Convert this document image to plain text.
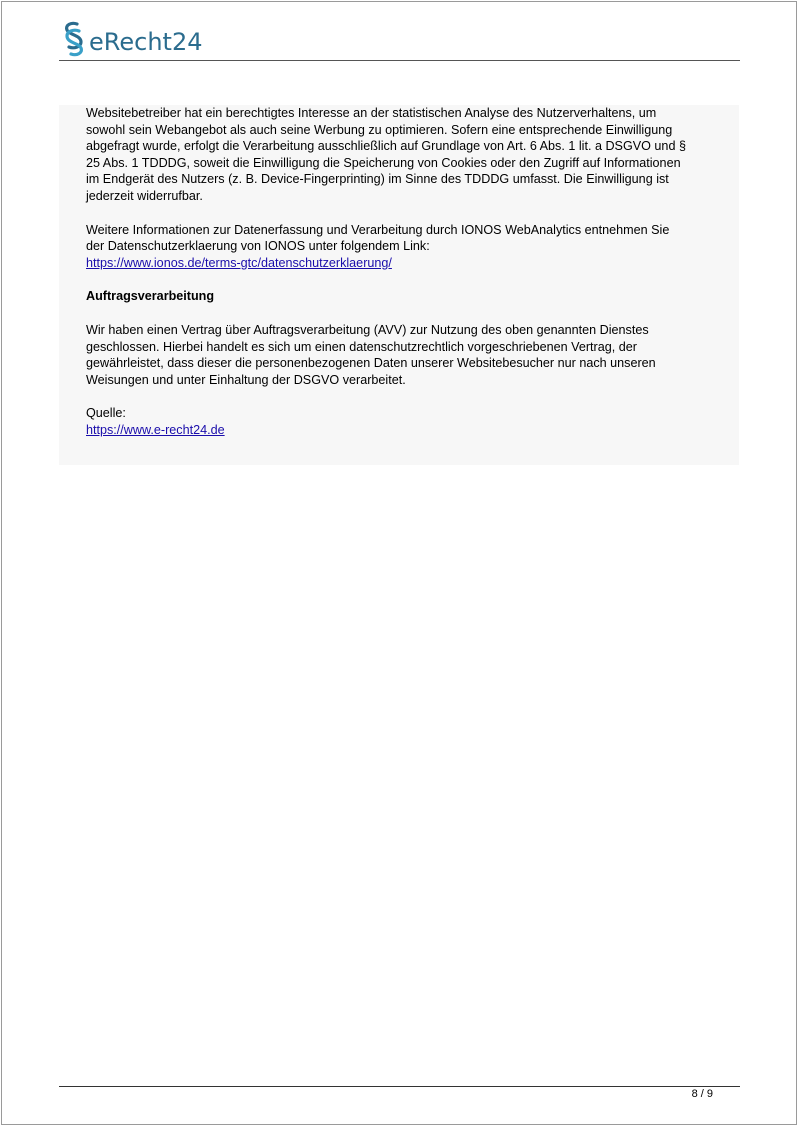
eRecht24

Websitebetreiber hat ein berechtigtes Interesse an der statistischen Analyse des Nutzerverhaltens, um
sowohl sein Webangebot als auch seine Werbung zu optimieren. Sofern eine entsprechende Einwilligung
abgefragt wurde, erfolgt die Verarbeitung ausschließlich auf Grundlage von Art. 6 Abs. 1 lit. a DSGVO und §
25 Abs. 1 TDDDG, soweit die Einwilligung die Speicherung von Cookies oder den Zugriff auf Informationen
im Endgerät des Nutzers (z. B. Device-Fingerprinting) im Sinne des TDDDG umfasst. Die Einwilligung ist
jederzeit widerrufbar.

Weitere Informationen zur Datenerfassung und Verarbeitung durch IONOS WebAnalytics entnehmen Sie
der Datenschutzerklaerung von IONOS unter folgendem Link:
https://www.ionos.de/terms-gtc/datenschutzerklaerung/

Auftragsverarbeitung

Wir haben einen Vertrag über Auftragsverarbeitung (AVV) zur Nutzung des oben genannten Dienstes
geschlossen. Hierbei handelt es sich um einen datenschutzrechtlich vorgeschriebenen Vertrag, der
gewährleistet, dass dieser die personenbezogenen Daten unserer Websitebesucher nur nach unseren
Weisungen und unter Einhaltung der DSGVO verarbeitet.

Quelle:
https://www.e-recht24.de

8 / 9
